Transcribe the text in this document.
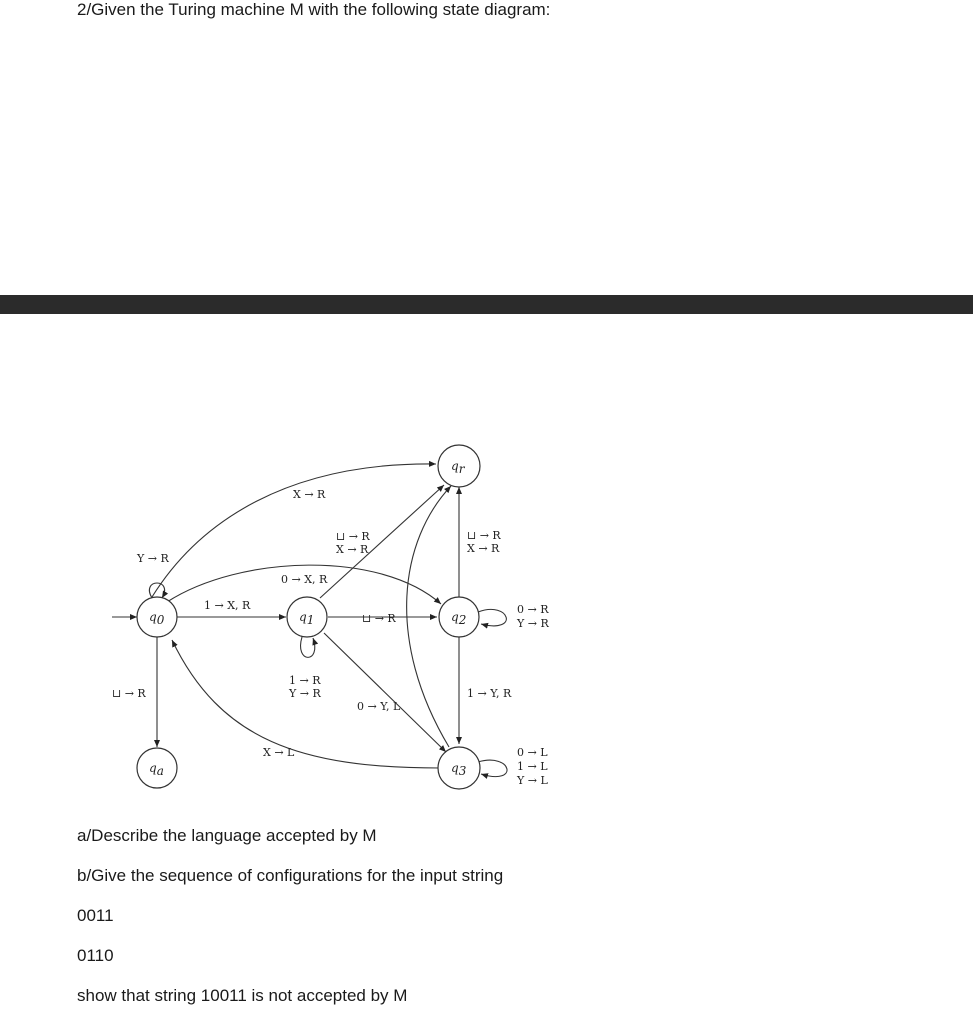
2/Given the Turing machine M with the following state diagram:

q0	q1	q2
q3
qa
qr
X → R
⊔ → R
X → R
Y → R
0 → X, R
1 → X, R
⊔ → R
1 → R
Y → R
⊔ → R
0 → Y, L
X → L
⊔ → R
X → R
0 → R
Y → R
1 → Y, R
0 → L
1 → L
Y → L

a/Describe the language accepted by M

b/Give the sequence of configurations for the input string

0011

0110

show that string 10011 is not accepted by M
